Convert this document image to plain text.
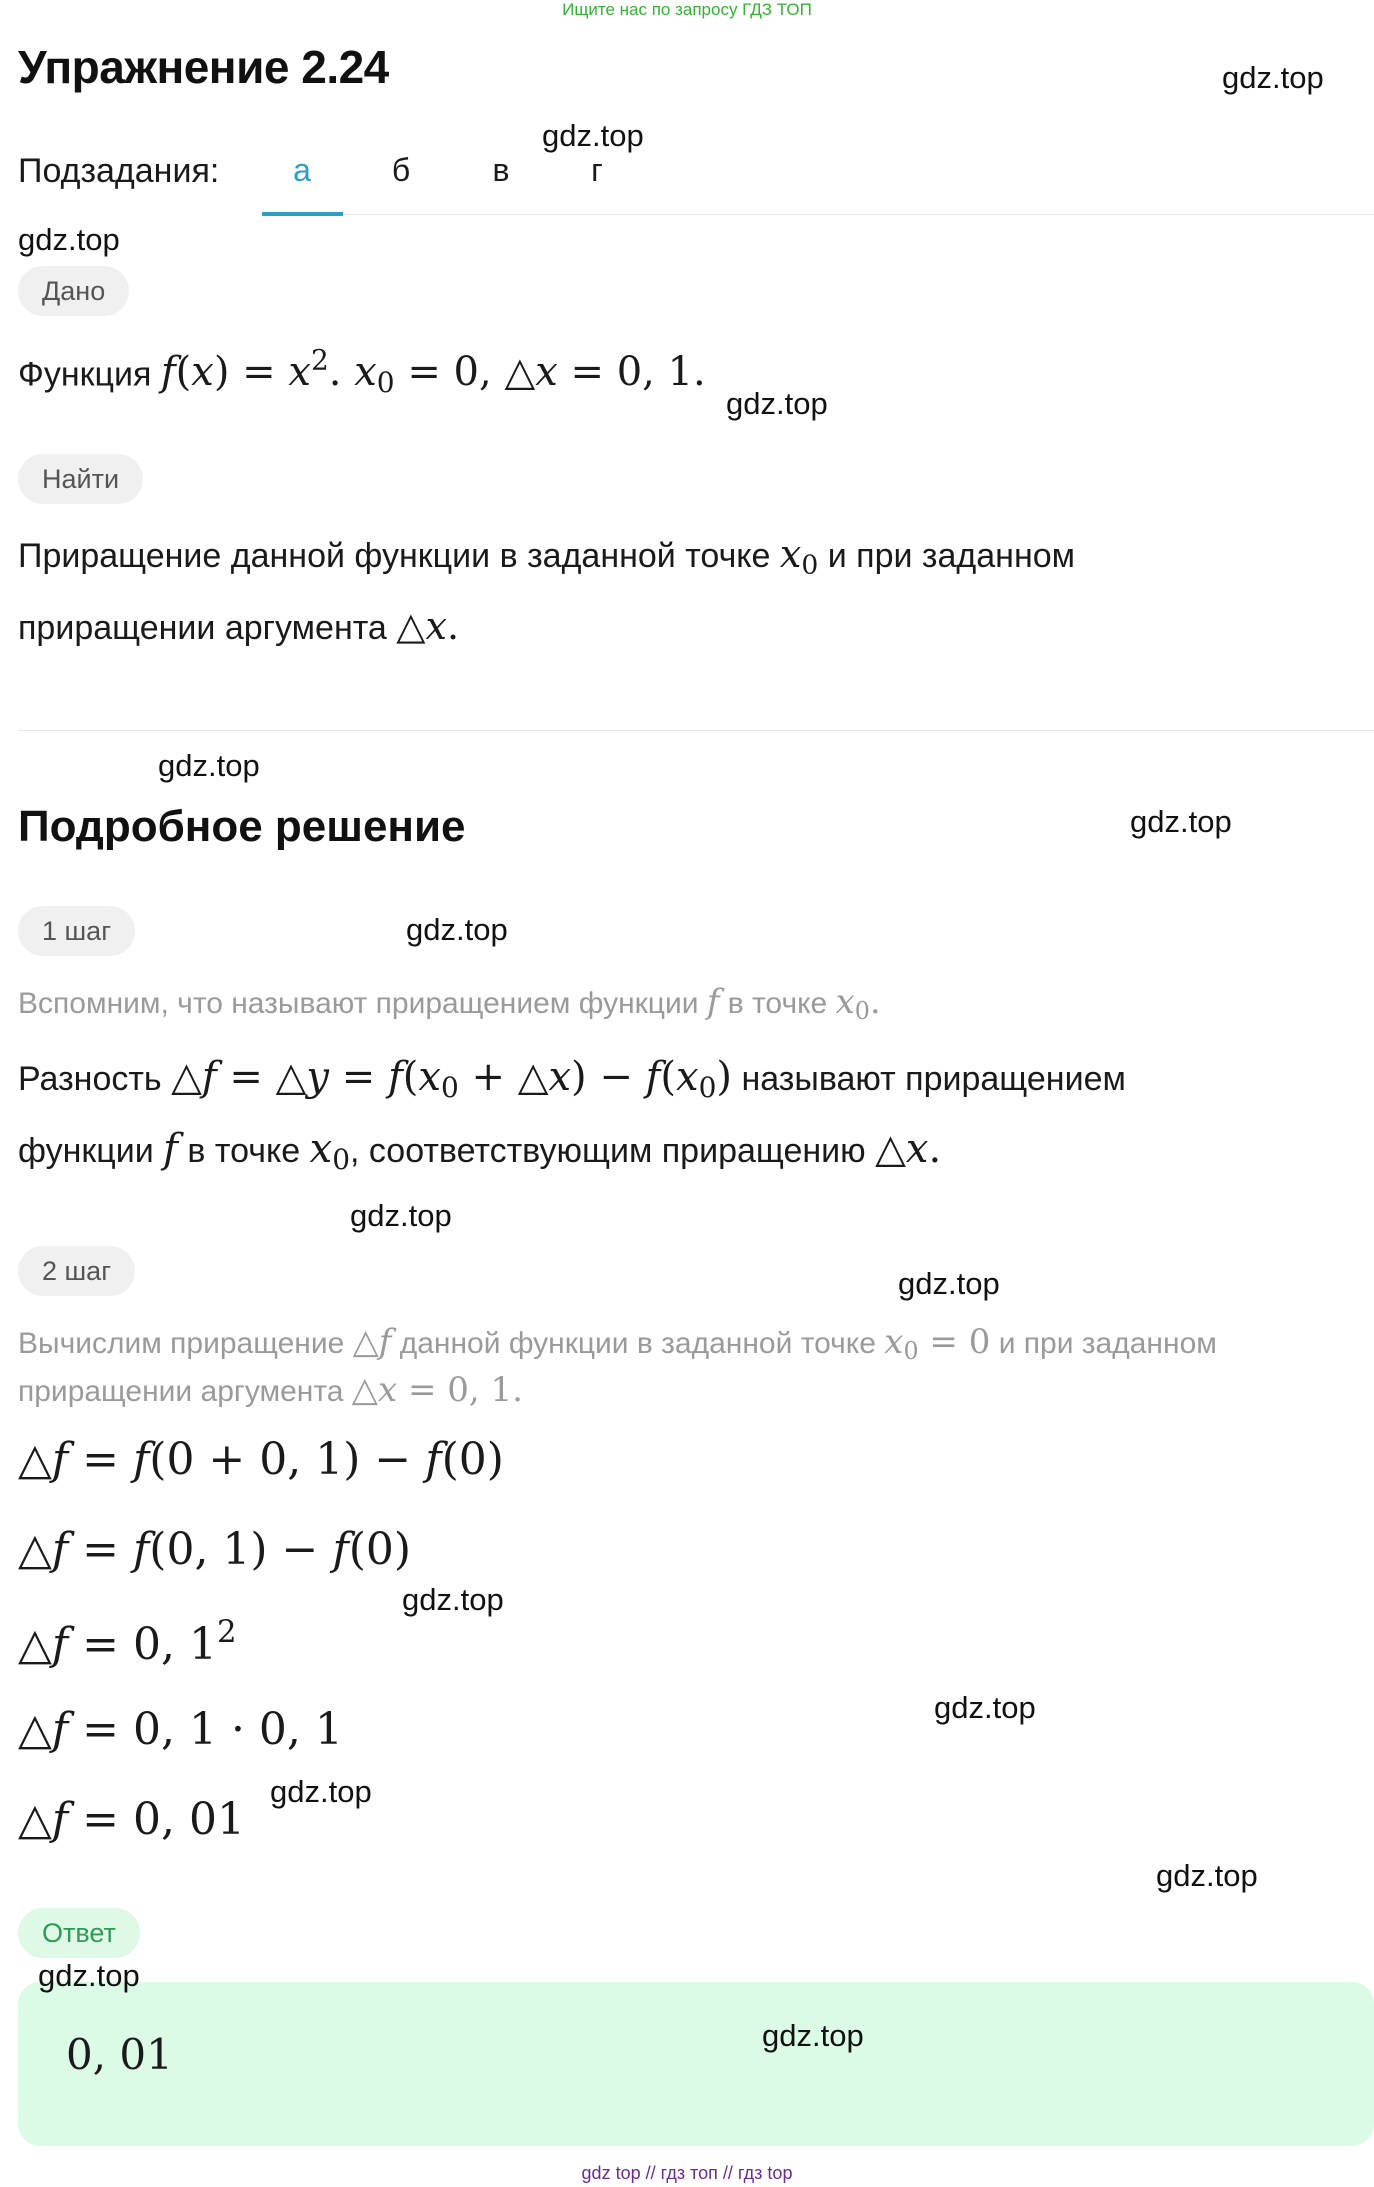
Ищите нас по запросу ГДЗ ТОП
Упражнение 2.24
Подзадания:	а	б	в	г
Дано
Функция $f(x) = x^2$. $x_0 = 0$, △x = 0, 1.
Найти
Приращение данной функции в заданной точке $x_0$ и при заданном
приращении аргумента △x.
Подробное решение
1 шаг
Вспомним, что называют приращением функции f в точке $x_0$.
Разность △f = △y = $f(x_0$ + △x) − $f(x_0)$ называют приращением
функции f в точке $x_0$, соответствующим приращению △x.
2 шаг
Вычислим приращение △f данной функции в заданной точке $x_0 = 0$ и при заданном
приращении аргумента △x = 0, 1.
△f = f(0 + 0, 1) − f(0)
△f = f(0, 1) − f(0)
△f = 0, $1^2$
△f = 0, 1 · 0, 1
△f = 0, 01
Ответ
0, 01
gdz.top
gdz.top
gdz.top
gdz.top
gdz.top
gdz.top
gdz.top
gdz.top
gdz.top
gdz.top
gdz.top
gdz.top
gdz.top
gdz.top
gdz.top
gdz top // гдз топ // гдз top
